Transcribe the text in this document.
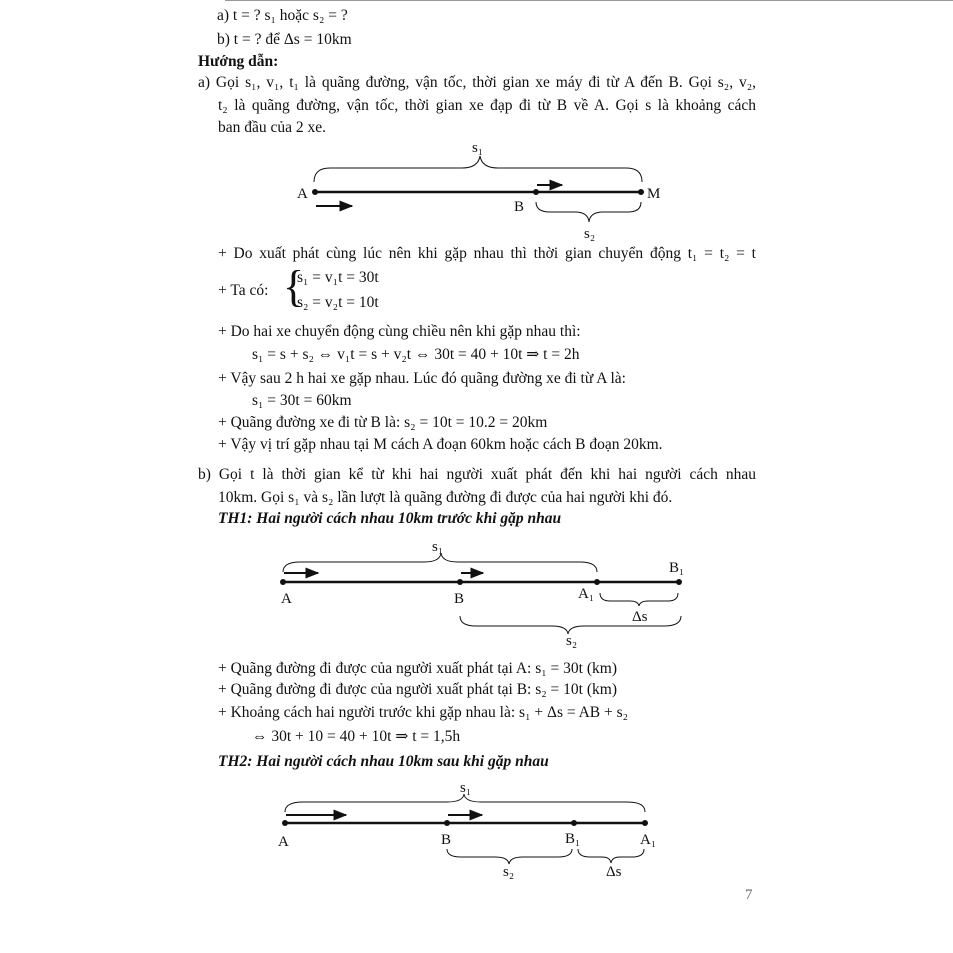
a) t = ? s₁ hoặc s₂ = ?
b) t = ? để Δs = 10km
Hướng dẫn:
a) Gọi s₁, v₁, t₁ là quãng đường, vận tốc, thời gian xe máy đi từ A đến B. Gọi s₂, v₂,
t₂ là quãng đường, vận tốc, thời gian xe đạp đi từ B về A. Gọi s là khoảng cách
ban đầu của 2 xe.
s₁
A	M
B
s₂
s₁
A	B	A₁
B₁
Δs
s₂
s₁
A	B	B₁	A₁
s₂	Δs
+ Do xuất phát cùng lúc nên khi gặp nhau thì thời gian chuyển động t₁ = t₂ = t
+ Ta có: {
s₁ = v₁t = 30t
s₂ = v₂t = 10t
+ Do hai xe chuyển động cùng chiều nên khi gặp nhau thì:
s₁ = s + s₂ ⇔ v₁t = s + v₂t ⇔ 30t = 40 + 10t ⇒ t = 2h
+ Vậy sau 2 h hai xe gặp nhau. Lúc đó quãng đường xe đi từ A là:
s₁ = 30t = 60km
+ Quãng đường xe đi từ B là: s₂ = 10t = 10.2 = 20km
+ Vậy vị trí gặp nhau tại M cách A đoạn 60km hoặc cách B đoạn 20km.
b) Gọi t là thời gian kể từ khi hai người xuất phát đến khi hai người cách nhau
10km. Gọi s₁ và s₂ lần lượt là quãng đường đi được của hai người khi đó.
TH1: Hai người cách nhau 10km trước khi gặp nhau
+ Quãng đường đi được của người xuất phát tại A: s₁ = 30t (km)
+ Quãng đường đi được của người xuất phát tại B: s₂ = 10t (km)
+ Khoảng cách hai người trước khi gặp nhau là: s₁ + Δs = AB + s₂
⇔ 30t + 10 = 40 + 10t ⇒ t = 1,5h
TH2: Hai người cách nhau 10km sau khi gặp nhau
7
